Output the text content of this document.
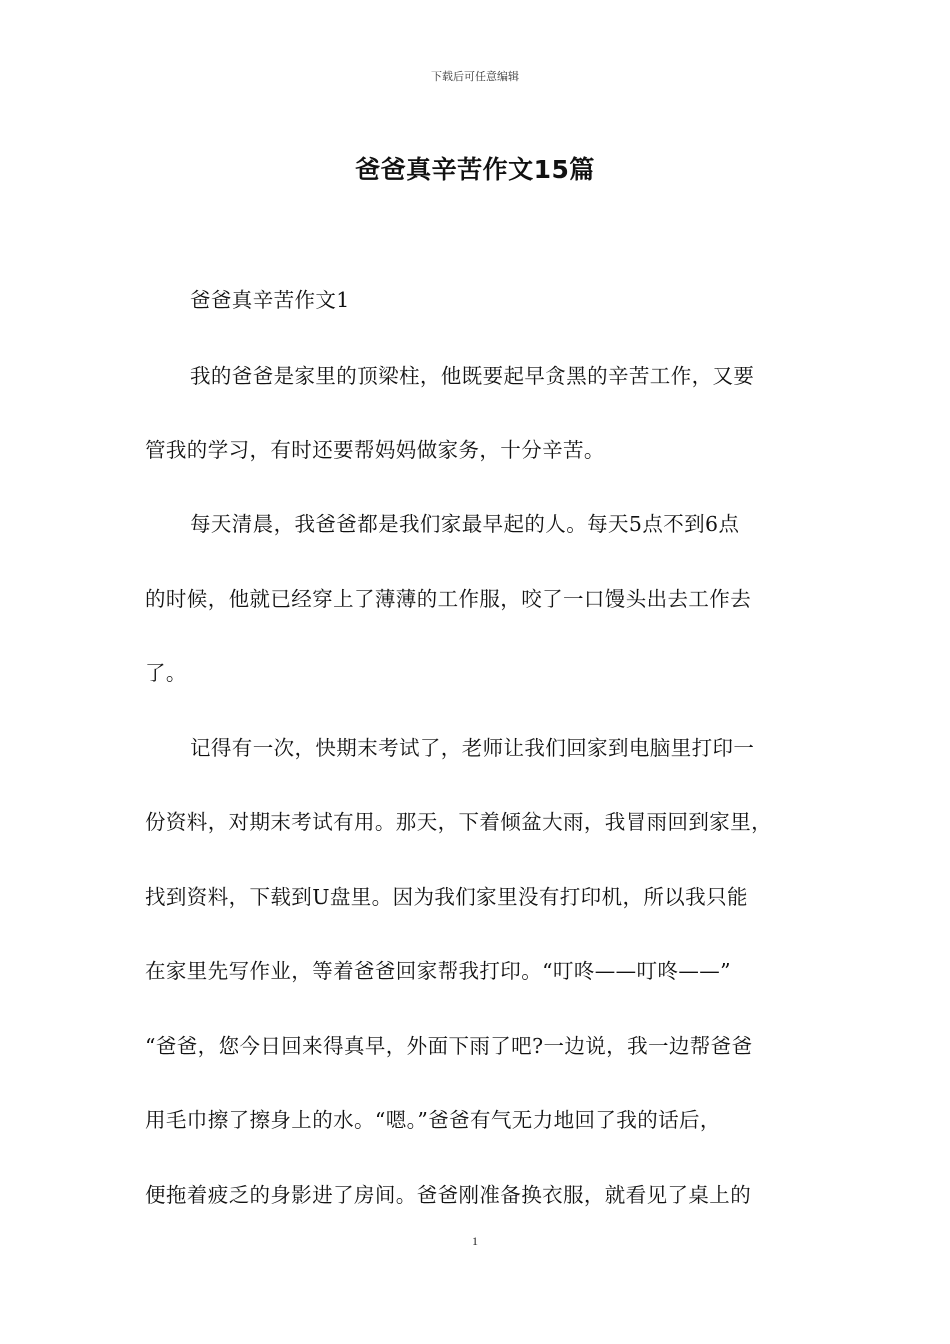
下载后可任意编辑
爸爸真辛苦作文15篇
爸爸真辛苦作文1
我的爸爸是家里的顶梁柱，他既要起早贪黑的辛苦工作，又要
管我的学习，有时还要帮妈妈做家务，十分辛苦。
每天清晨，我爸爸都是我们家最早起的人。每天5点不到6点
的时候，他就已经穿上了薄薄的工作服，咬了一口馒头出去工作去
了。
记得有一次，快期末考试了，老师让我们回家到电脑里打印一
份资料，对期末考试有用。那天，下着倾盆大雨，我冒雨回到家里，
找到资料，下载到U盘里。因为我们家里没有打印机，所以我只能
在家里先写作业，等着爸爸回家帮我打印。“叮咚——叮咚——”
“爸爸，您今日回来得真早，外面下雨了吧?一边说，我一边帮爸爸
用毛巾擦了擦身上的水。“嗯。”爸爸有气无力地回了我的话后，
便拖着疲乏的身影进了房间。爸爸刚准备换衣服，就看见了桌上的
1
